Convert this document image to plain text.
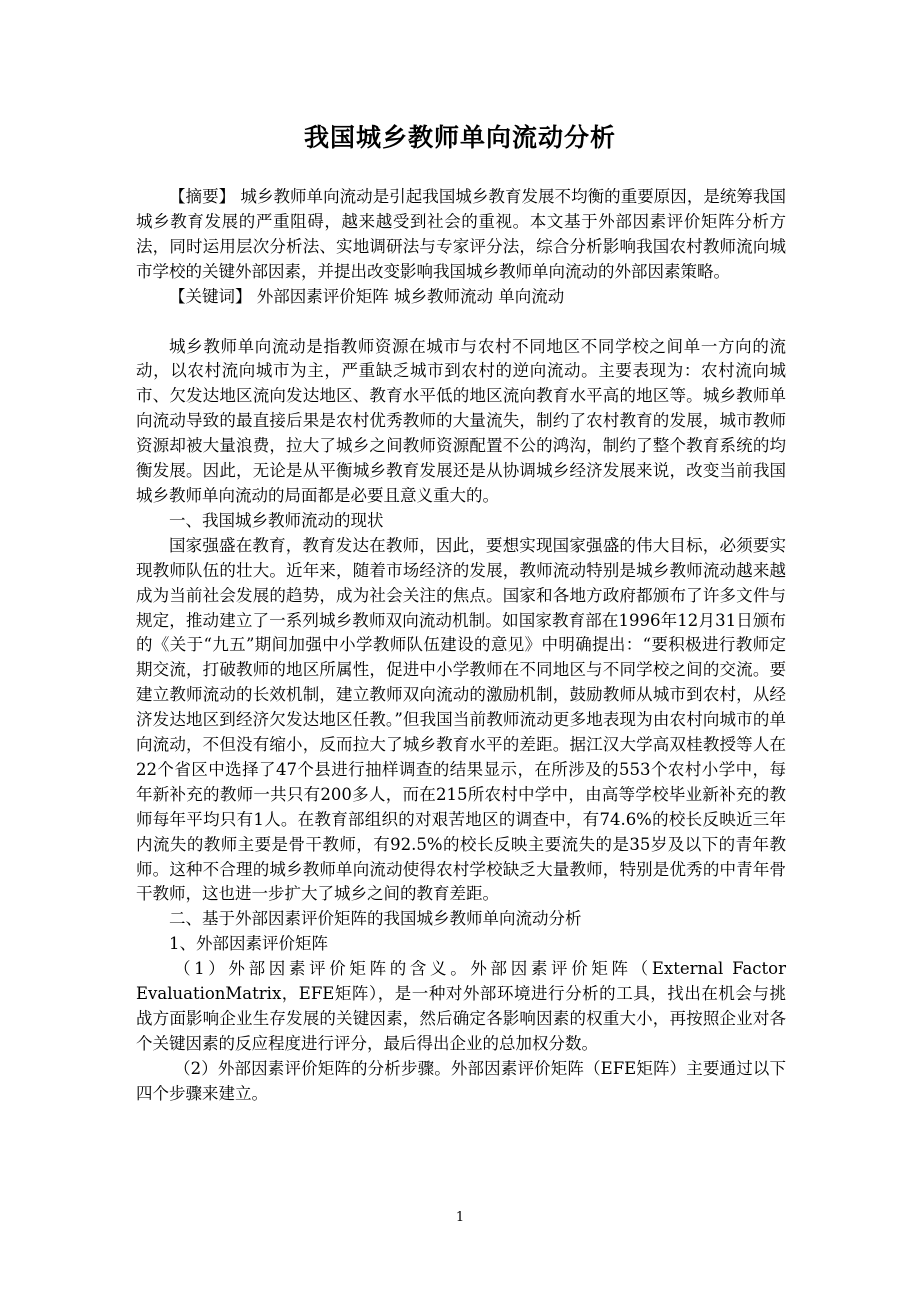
我国城乡教师单向流动分析

【摘要】 城乡教师单向流动是引起我国城乡教育发展不均衡的重要原因，是统筹我国城乡教育发展的严重阻碍，越来越受到社会的重视。本文基于外部因素评价矩阵分析方法，同时运用层次分析法、实地调研法与专家评分法，综合分析影响我国农村教师流向城市学校的关键外部因素，并提出改变影响我国城乡教师单向流动的外部因素策略。

【关键词】 外部因素评价矩阵 城乡教师流动 单向流动

城乡教师单向流动是指教师资源在城市与农村不同地区不同学校之间单一方向的流动，以农村流向城市为主，严重缺乏城市到农村的逆向流动。主要表现为：农村流向城市、欠发达地区流向发达地区、教育水平低的地区流向教育水平高的地区等。城乡教师单向流动导致的最直接后果是农村优秀教师的大量流失，制约了农村教育的发展，城市教师资源却被大量浪费，拉大了城乡之间教师资源配置不公的鸿沟，制约了整个教育系统的均衡发展。因此，无论是从平衡城乡教育发展还是从协调城乡经济发展来说，改变当前我国城乡教师单向流动的局面都是必要且意义重大的。

一、我国城乡教师流动的现状

国家强盛在教育，教育发达在教师，因此，要想实现国家强盛的伟大目标，必须要实现教师队伍的壮大。近年来，随着市场经济的发展，教师流动特别是城乡教师流动越来越成为当前社会发展的趋势，成为社会关注的焦点。国家和各地方政府都颁布了许多文件与规定，推动建立了一系列城乡教师双向流动机制。如国家教育部在1996年12月31日颁布的《关于“九五”期间加强中小学教师队伍建设的意见》中明确提出：“要积极进行教师定期交流，打破教师的地区所属性，促进中小学教师在不同地区与不同学校之间的交流。要建立教师流动的长效机制，建立教师双向流动的激励机制，鼓励教师从城市到农村，从经济发达地区到经济欠发达地区任教。”但我国当前教师流动更多地表现为由农村向城市的单向流动，不但没有缩小，反而拉大了城乡教育水平的差距。据江汉大学高双桂教授等人在22个省区中选择了47个县进行抽样调查的结果显示，在所涉及的553个农村小学中，每年新补充的教师一共只有200多人，而在215所农村中学中，由高等学校毕业新补充的教师每年平均只有1人。在教育部组织的对艰苦地区的调查中，有74.6%的校长反映近三年内流失的教师主要是骨干教师，有92.5%的校长反映主要流失的是35岁及以下的青年教师。这种不合理的城乡教师单向流动使得农村学校缺乏大量教师，特别是优秀的中青年骨干教师，这也进一步扩大了城乡之间的教育差距。

二、基于外部因素评价矩阵的我国城乡教师单向流动分析

1、外部因素评价矩阵

（1）外部因素评价矩阵的含义。外部因素评价矩阵（External Factor EvaluationMatrix，EFE矩阵），是一种对外部环境进行分析的工具，找出在机会与挑战方面影响企业生存发展的关键因素，然后确定各影响因素的权重大小，再按照企业对各个关键因素的反应程度进行评分，最后得出企业的总加权分数。

（2）外部因素评价矩阵的分析步骤。外部因素评价矩阵（EFE矩阵）主要通过以下四个步骤来建立。

1
